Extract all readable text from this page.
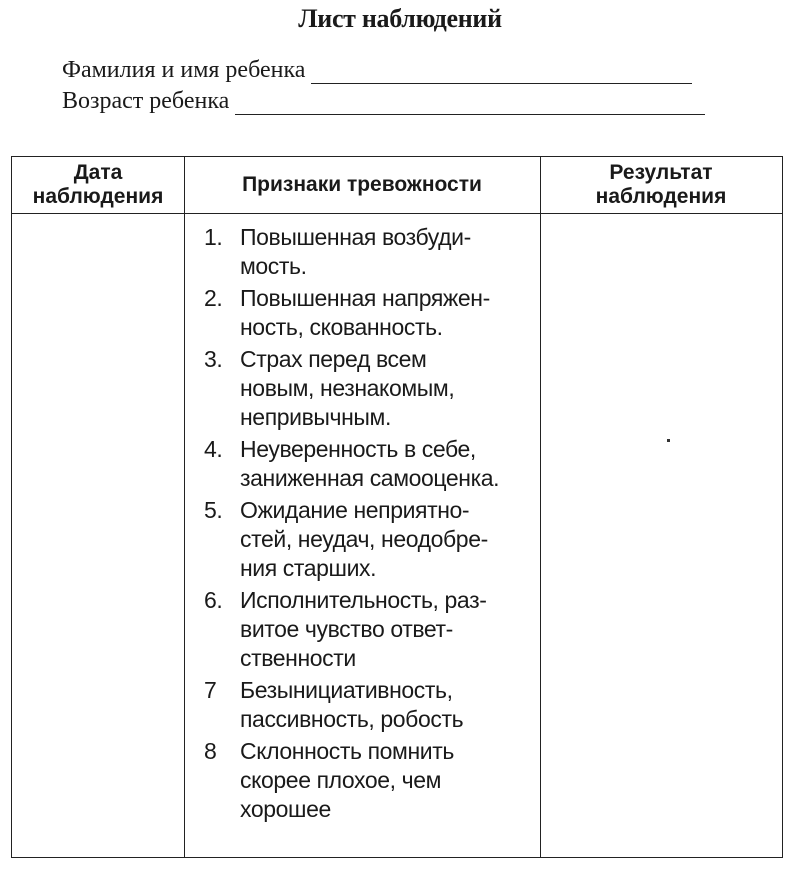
Лист наблюдений
Фамилия и имя ребенка
Возраст ребенка
Дата
наблюдения
Признаки тревожности
Результат
наблюдения
1. Повышенная возбуди-
мость.
2. Повышенная напряжен-
ность, скованность.
3. Страх перед всем
новым, незнакомым,
непривычным.
4. Неуверенность в себе,
заниженная самооценка.
5. Ожидание неприятно-
стей, неудач, неодобре-
ния старших.
6. Исполнительность, раз-
витое чувство ответ-
ственности
7	Безынициативность,
пассивность, робость
8	Склонность помнить
скорее плохое, чем
хорошее
